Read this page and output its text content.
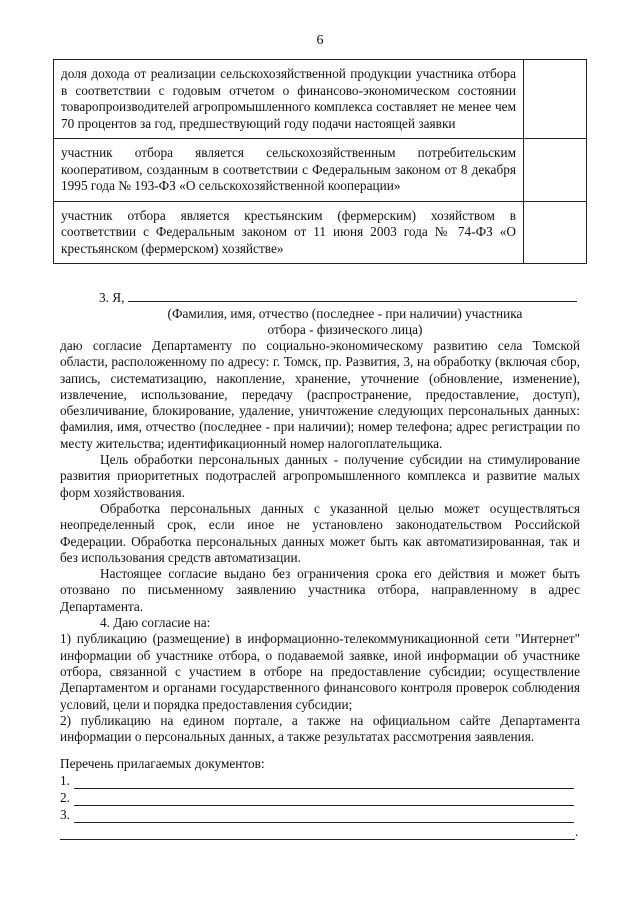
6
доля дохода от реализации сельскохозяйственной продукции участника отбора в соответствии с годовым отчетом о финансово-экономическом состоянии товаропроизводителей агропромышленного комплекса составляет не менее чем 70 процентов за год, предшествующий году подачи настоящей заявки	
участник отбора является сельскохозяйственным потребительским кооперативом, созданным в соответствии с Федеральным законом от 8 декабря 1995 года № 193-ФЗ «О сельскохозяйственной кооперации»	
участник отбора является крестьянским (фермерским) хозяйством в соответствии с Федеральным законом от 11 июня 2003 года № 74-ФЗ «О крестьянском (фермерском) хозяйстве»	
3. Я,
(Фамилия, имя, отчество (последнее - при наличии) участника
отбора - физического лица)

даю согласие Департаменту по социально-экономическому развитию села Томской области, расположенному по адресу: г. Томск, пр. Развития, 3, на обработку (включая сбор, запись, систематизацию, накопление, хранение, уточнение (обновление, изменение), извлечение, использование, передачу (распространение, предоставление, доступ), обезличивание, блокирование, удаление, уничтожение следующих персональных данных: фамилия, имя, отчество (последнее - при наличии); номер телефона; адрес регистрации по месту жительства; идентификационный номер налогоплательщика.

Цель обработки персональных данных - получение субсидии на стимулирование развития приоритетных подотраслей агропромышленного комплекса и развитие малых форм хозяйствования.

Обработка персональных данных с указанной целью может осуществляться неопределенный срок, если иное не установлено законодательством Российской Федерации. Обработка персональных данных может быть как автоматизированная, так и без использования средств автоматизации.

Настоящее согласие выдано без ограничения срока его действия и может быть отозвано по письменному заявлению участника отбора, направленному в адрес Департамента.

4. Даю согласие на:

1) публикацию (размещение) в информационно-телекоммуникационной сети "Интернет" информации об участнике отбора, о подаваемой заявке, иной информации об участнике отбора, связанной с участием в отборе на предоставление субсидии; осуществление Департаментом и органами государственного финансового контроля проверок соблюдения условий, цели и порядка предоставления субсидии;

2) публикацию на едином портале, а также на официальном сайте Департамента информации о персональных данных, а также результатах рассмотрения заявления.

Перечень прилагаемых документов:

1.
2.
3.
.
